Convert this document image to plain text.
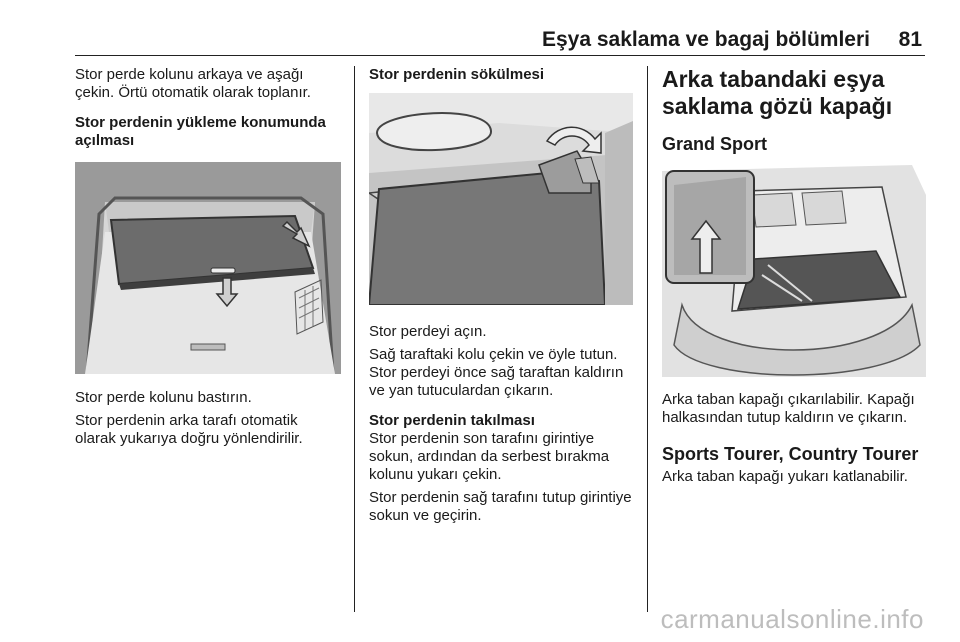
Eşya saklama ve bagaj bölümleri	81

Stor perde kolunu arkaya ve aşağı çekin. Örtü otomatik olarak toplanır.

Stor perdenin yükleme konumunda açılması

Stor perde kolunu bastırın.

Stor perdenin arka tarafı otomatik olarak yukarıya doğru yönlendirilir.

Stor perdenin sökülmesi

Stor perdeyi açın.

Sağ taraftaki kolu çekin ve öyle tutun. Stor perdeyi önce sağ taraftan kaldırın ve yan tutuculardan çıkarın.

Stor perdenin takılması

Stor perdenin son tarafını girintiye sokun, ardından da serbest bırakma kolunu yukarı çekin.

Stor perdenin sağ tarafını tutup girintiye sokun ve geçirin.

Arka tabandaki eşya saklama gözü kapağı
Grand Sport

Arka taban kapağı çıkarılabilir. Kapağı halkasından tutup kaldırın ve çıkarın.

Sports Tourer, Country Tourer

Arka taban kapağı yukarı katlanabilir.

carmanualsonline.info
